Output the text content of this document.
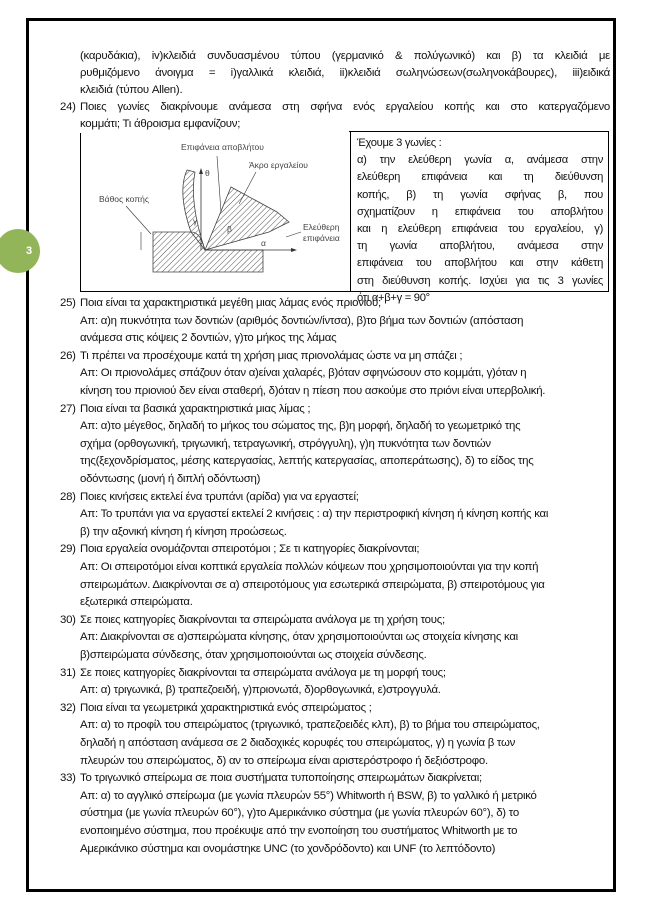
3
(καρυδάκια), iv)κλειδιά συνδυασμένου τύπου (γερμανικό & πολύγωνικό) και β) τα κλειδιά με
ρυθμιζόμενο άνοιγμα = i)γαλλικά κλειδιά, ii)κλειδιά σωληνώσεων(σωληνοκάβουρες), iii)ειδικά
κλειδιά (τύπου Allen).
24) Ποιες γωνίες διακρίνουμε ανάμεσα στη σφήνα ενός εργαλείου κοπής και στο κατεργαζόμενο
κομμάτι; Τι άθροισμα εμφανίζουν;
25) Ποια είναι τα χαρακτηριστικά μεγέθη μιας λάμας ενός πριονιού;
Απ: α)η πυκνότητα των δοντιών (αριθμός δοντιών/ίντσα), β)το βήμα των δοντιών (απόσταση
ανάμεσα στις κόψεις 2 δοντιών, γ)το μήκος της λάμας
26) Τι πρέπει να προσέχουμε κατά τη χρήση μιας πριονολάμας ώστε να μη σπάζει ;
Απ: Οι πριονολάμες σπάζουν όταν α)είναι χαλαρές, β)όταν σφηνώσουν στο κομμάτι, γ)όταν η
κίνηση του πριονιού δεν είναι σταθερή, δ)όταν η πίεση που ασκούμε στο πριόνι είναι υπερβολική.
27) Ποια είναι τα βασικά χαρακτηριστικά μιας λίμας ;
Απ: α)το μέγεθος, δηλαδή το μήκος του σώματος της, β)η μορφή, δηλαδή το γεωμετρικό της
σχήμα (ορθογωνική, τριγωνική, τετραγωνική, στρόγγυλη), γ)η πυκνότητα των δοντιών
της(ξεχονδρίσματος, μέσης κατεργασίας, λεπτής κατεργασίας, αποπεράτωσης), δ) το είδος της
οδόντωσης (μονή ή διπλή οδόντωση)
28) Ποιες κινήσεις εκτελεί ένα τρυπάνι (αρίδα) για να εργαστεί;
Απ: Το τρυπάνι για να εργαστεί εκτελεί 2 κινήσεις : α) την περιστροφική κίνηση ή κίνηση κοπής και
β) την αξονική κίνηση ή κίνηση προώσεως.
29) Ποια εργαλεία ονομάζονται σπειροτόμοι ; Σε τι κατηγορίες διακρίνονται;
Απ: Οι σπειροτόμοι είναι κοπτικά εργαλεία πολλών κόψεων που χρησιμοποιούνται για την κοπή
σπειρωμάτων. Διακρίνονται σε α) σπειροτόμους για εσωτερικά σπειρώματα, β) σπειροτόμους για
εξωτερικά σπειρώματα.
30) Σε ποιες κατηγορίες διακρίνονται τα σπειρώματα ανάλογα με τη χρήση τους;
Απ: Διακρίνονται σε α)σπειρώματα κίνησης, όταν χρησιμοποιούνται ως στοιχεία κίνησης και
β)σπειρώματα σύνδεσης, όταν χρησιμοποιούνται ως στοιχεία σύνδεσης.
31) Σε ποιες κατηγορίες διακρίνονται τα σπειρώματα ανάλογα με τη μορφή τους;
Απ: α) τριγωνικά, β) τραπεζοειδή, γ)πριονωτά, δ)ορθογωνικά, ε)στρογγυλά.
32) Ποια είναι τα γεωμετρικά χαρακτηριστικά ενός σπειρώματος ;
Απ: α) το προφίλ του σπειρώματος (τριγωνικό, τραπεζοειδές κλπ), β) το βήμα του σπειρώματος,
δηλαδή η απόσταση ανάμεσα σε 2 διαδοχικές κορυφές του σπειρώματος, γ) η γωνία β των
πλευρών του σπειρώματος, δ) αν το σπείρωμα είναι αριστερόστροφο ή δεξιόστροφο.
33) Το τριγωνικό σπείρωμα σε ποια συστήματα τυποποίησης σπειρωμάτων διακρίνεται;
Απ: α) το αγγλικό σπείρωμα (με γωνία πλευρών 55°) Whitworth ή BSW, β) το γαλλικό ή μετρικό
σύστημα (με γωνία πλευρών 60°), γ)το Αμερικάνικο σύστημα (με γωνία πλευρών 60°), δ) το
ενοποιημένο σύστημα, που προέκυψε από την ενοποίηση του συστήματος Whitworth με το
Αμερικάνικο σύστημα και ονομάστηκε UNC (το χονδρόδοντο) και UNF (το λεπτόδοντο)
Επιφάνεια αποβλήτου
Άκρο εργαλείου
Βάθος κοπής
Ελεύθερη
επιφάνεια
θ
γ
β
α
Έχουμε 3 γωνίες :
α) την ελεύθερη γωνία α, ανάμεσα στην
ελεύθερη επιφάνεια και τη διεύθυνση
κοπής, β) τη γωνία σφήνας β, που
σχηματίζουν η επιφάνεια του αποβλήτου
και η ελεύθερη επιφάνεια του εργαλείου, γ)
τη γωνία αποβλήτου, ανάμεσα στην
επιφάνεια του αποβλήτου και στην κάθετη
στη διεύθυνση κοπής. Ισχύει για τις 3 γωνίες
ότι α+β+γ = 90°
